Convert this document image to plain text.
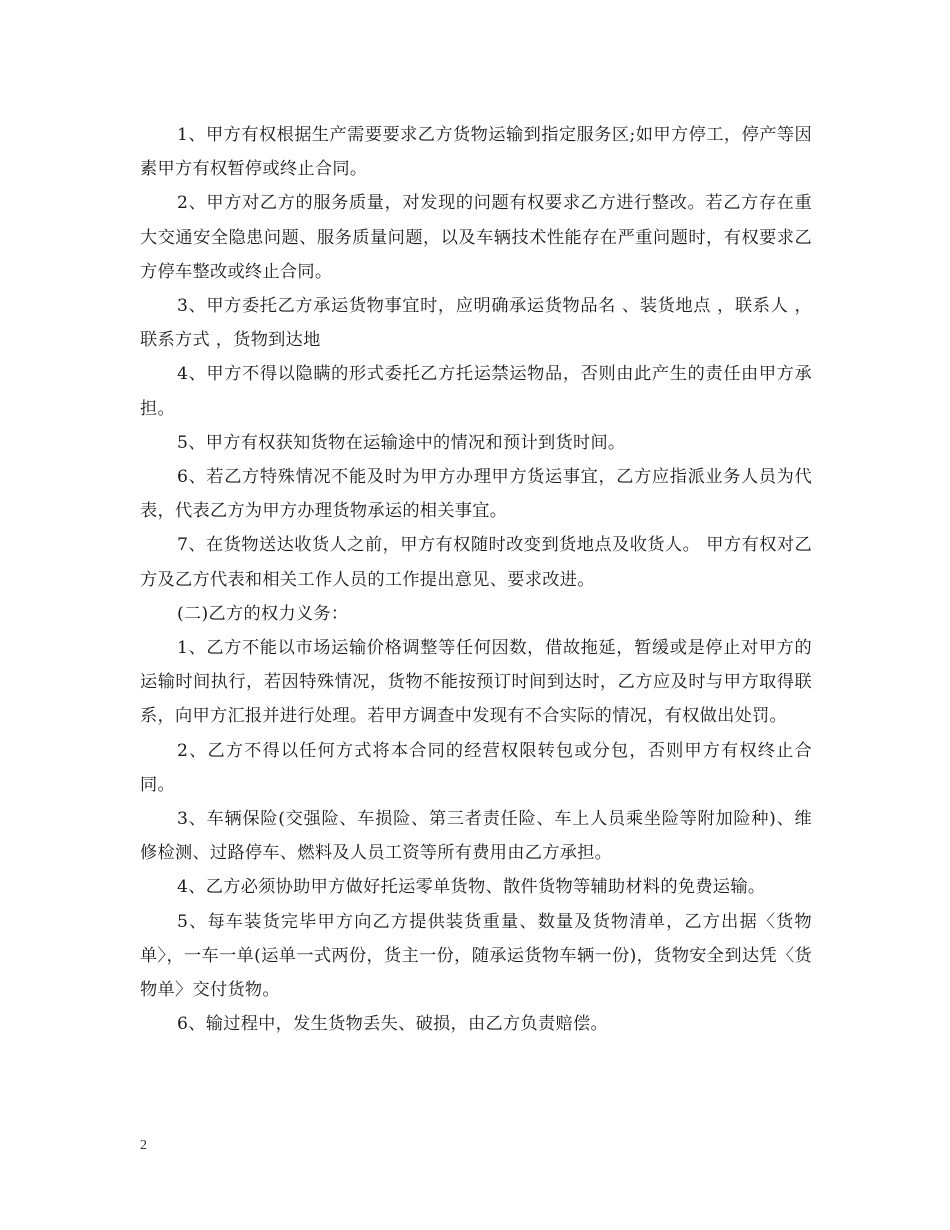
1、甲方有权根据生产需要要求乙方货物运输到指定服务区;如甲方停工，停产等因素甲方有权暂停或终止合同。

2、甲方对乙方的服务质量，对发现的问题有权要求乙方进行整改。若乙方存在重大交通安全隐患问题、服务质量问题，以及车辆技术性能存在严重问题时，有权要求乙方停车整改或终止合同。

3、甲方委托乙方承运货物事宜时，应明确承运货物品名 、装货地点 ，联系人 ，联系方式 ，货物到达地

4、甲方不得以隐瞒的形式委托乙方托运禁运物品，否则由此产生的责任由甲方承担。

5、甲方有权获知货物在运输途中的情况和预计到货时间。

6、若乙方特殊情况不能及时为甲方办理甲方货运事宜，乙方应指派业务人员为代表，代表乙方为甲方办理货物承运的相关事宜。

7、在货物送达收货人之前，甲方有权随时改变到货地点及收货人。 甲方有权对乙方及乙方代表和相关工作人员的工作提出意见、要求改进。

(二)乙方的权力义务：

1、乙方不能以市场运输价格调整等任何因数，借故拖延，暂缓或是停止对甲方的运输时间执行，若因特殊情况，货物不能按预订时间到达时，乙方应及时与甲方取得联系，向甲方汇报并进行处理。若甲方调查中发现有不合实际的情况，有权做出处罚。

2、乙方不得以任何方式将本合同的经营权限转包或分包，否则甲方有权终止合同。

3、车辆保险(交强险、车损险、第三者责任险、车上人员乘坐险等附加险种)、维修检测、过路停车、燃料及人员工资等所有费用由乙方承担。

4、乙方必须协助甲方做好托运零单货物、散件货物等辅助材料的免费运输。

5、每车装货完毕甲方向乙方提供装货重量、数量及货物清单，乙方出据〈货物单〉，一车一单(运单一式两份，货主一份，随承运货物车辆一份)，货物安全到达凭〈货物单〉交付货物。

6、输过程中，发生货物丢失、破损，由乙方负责赔偿。

2
